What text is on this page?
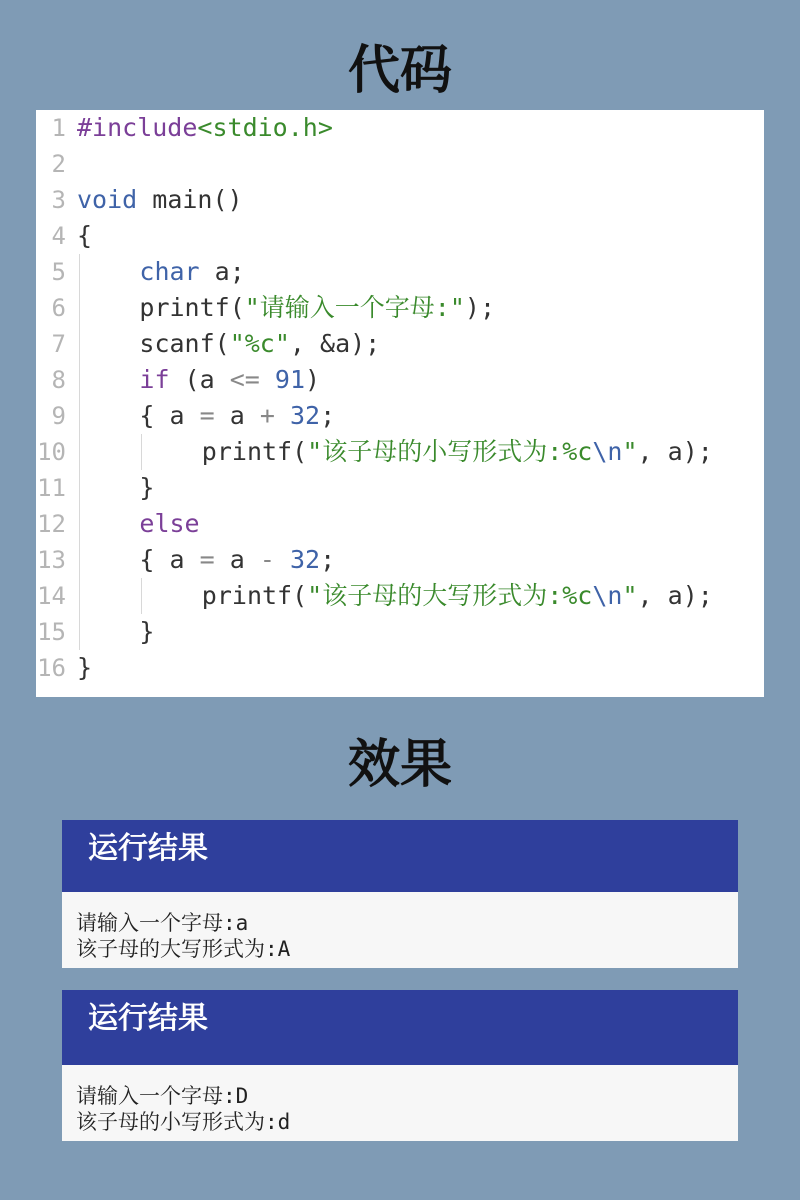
代码
1 #include<stdio.h>
2
3 void main()
4 {
5	char a;
6	printf("请输入一个字母:");
7	scanf("%c", &a);
8	if (a <= 91)
9	{ a = a + 32;
10	printf("该子母的小写形式为:%c\n", a);
11	}
12	else
13	{ a = a - 32;
14	printf("该子母的大写形式为:%c\n", a);
15	}
16 }
效果
运行结果
请输入一个字母:a
该子母的大写形式为:A
运行结果
请输入一个字母:D
该子母的小写形式为:d
